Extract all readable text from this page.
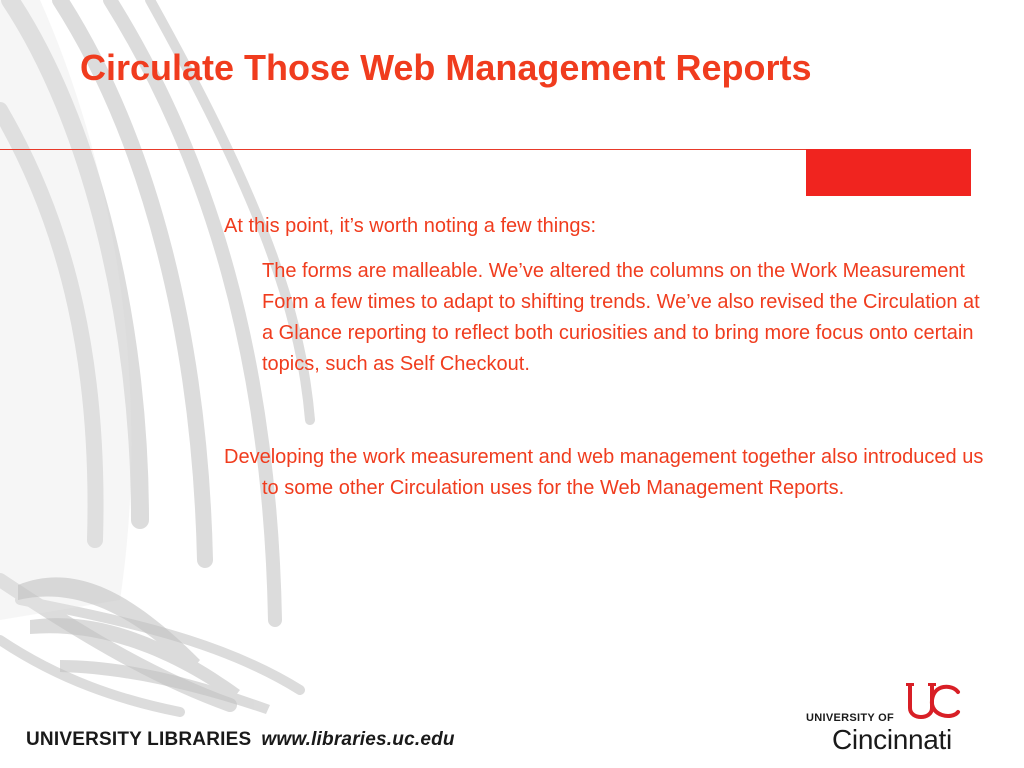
Circulate Those Web Management Reports

At this point, it’s worth noting a few things:

The forms are malleable. We’ve altered the columns on the Work Measurement Form a few times to adapt to shifting trends. We’ve also revised the Circulation at a Glance reporting to reflect both curiosities and to bring more focus onto certain topics, such as Self Checkout.

Developing the work measurement and web management together also introduced us to some other Circulation uses for the Web Management Reports.

UNIVERSITY LIBRARIES www.libraries.uc.edu
UNIVERSITY OF
Cincinnati
